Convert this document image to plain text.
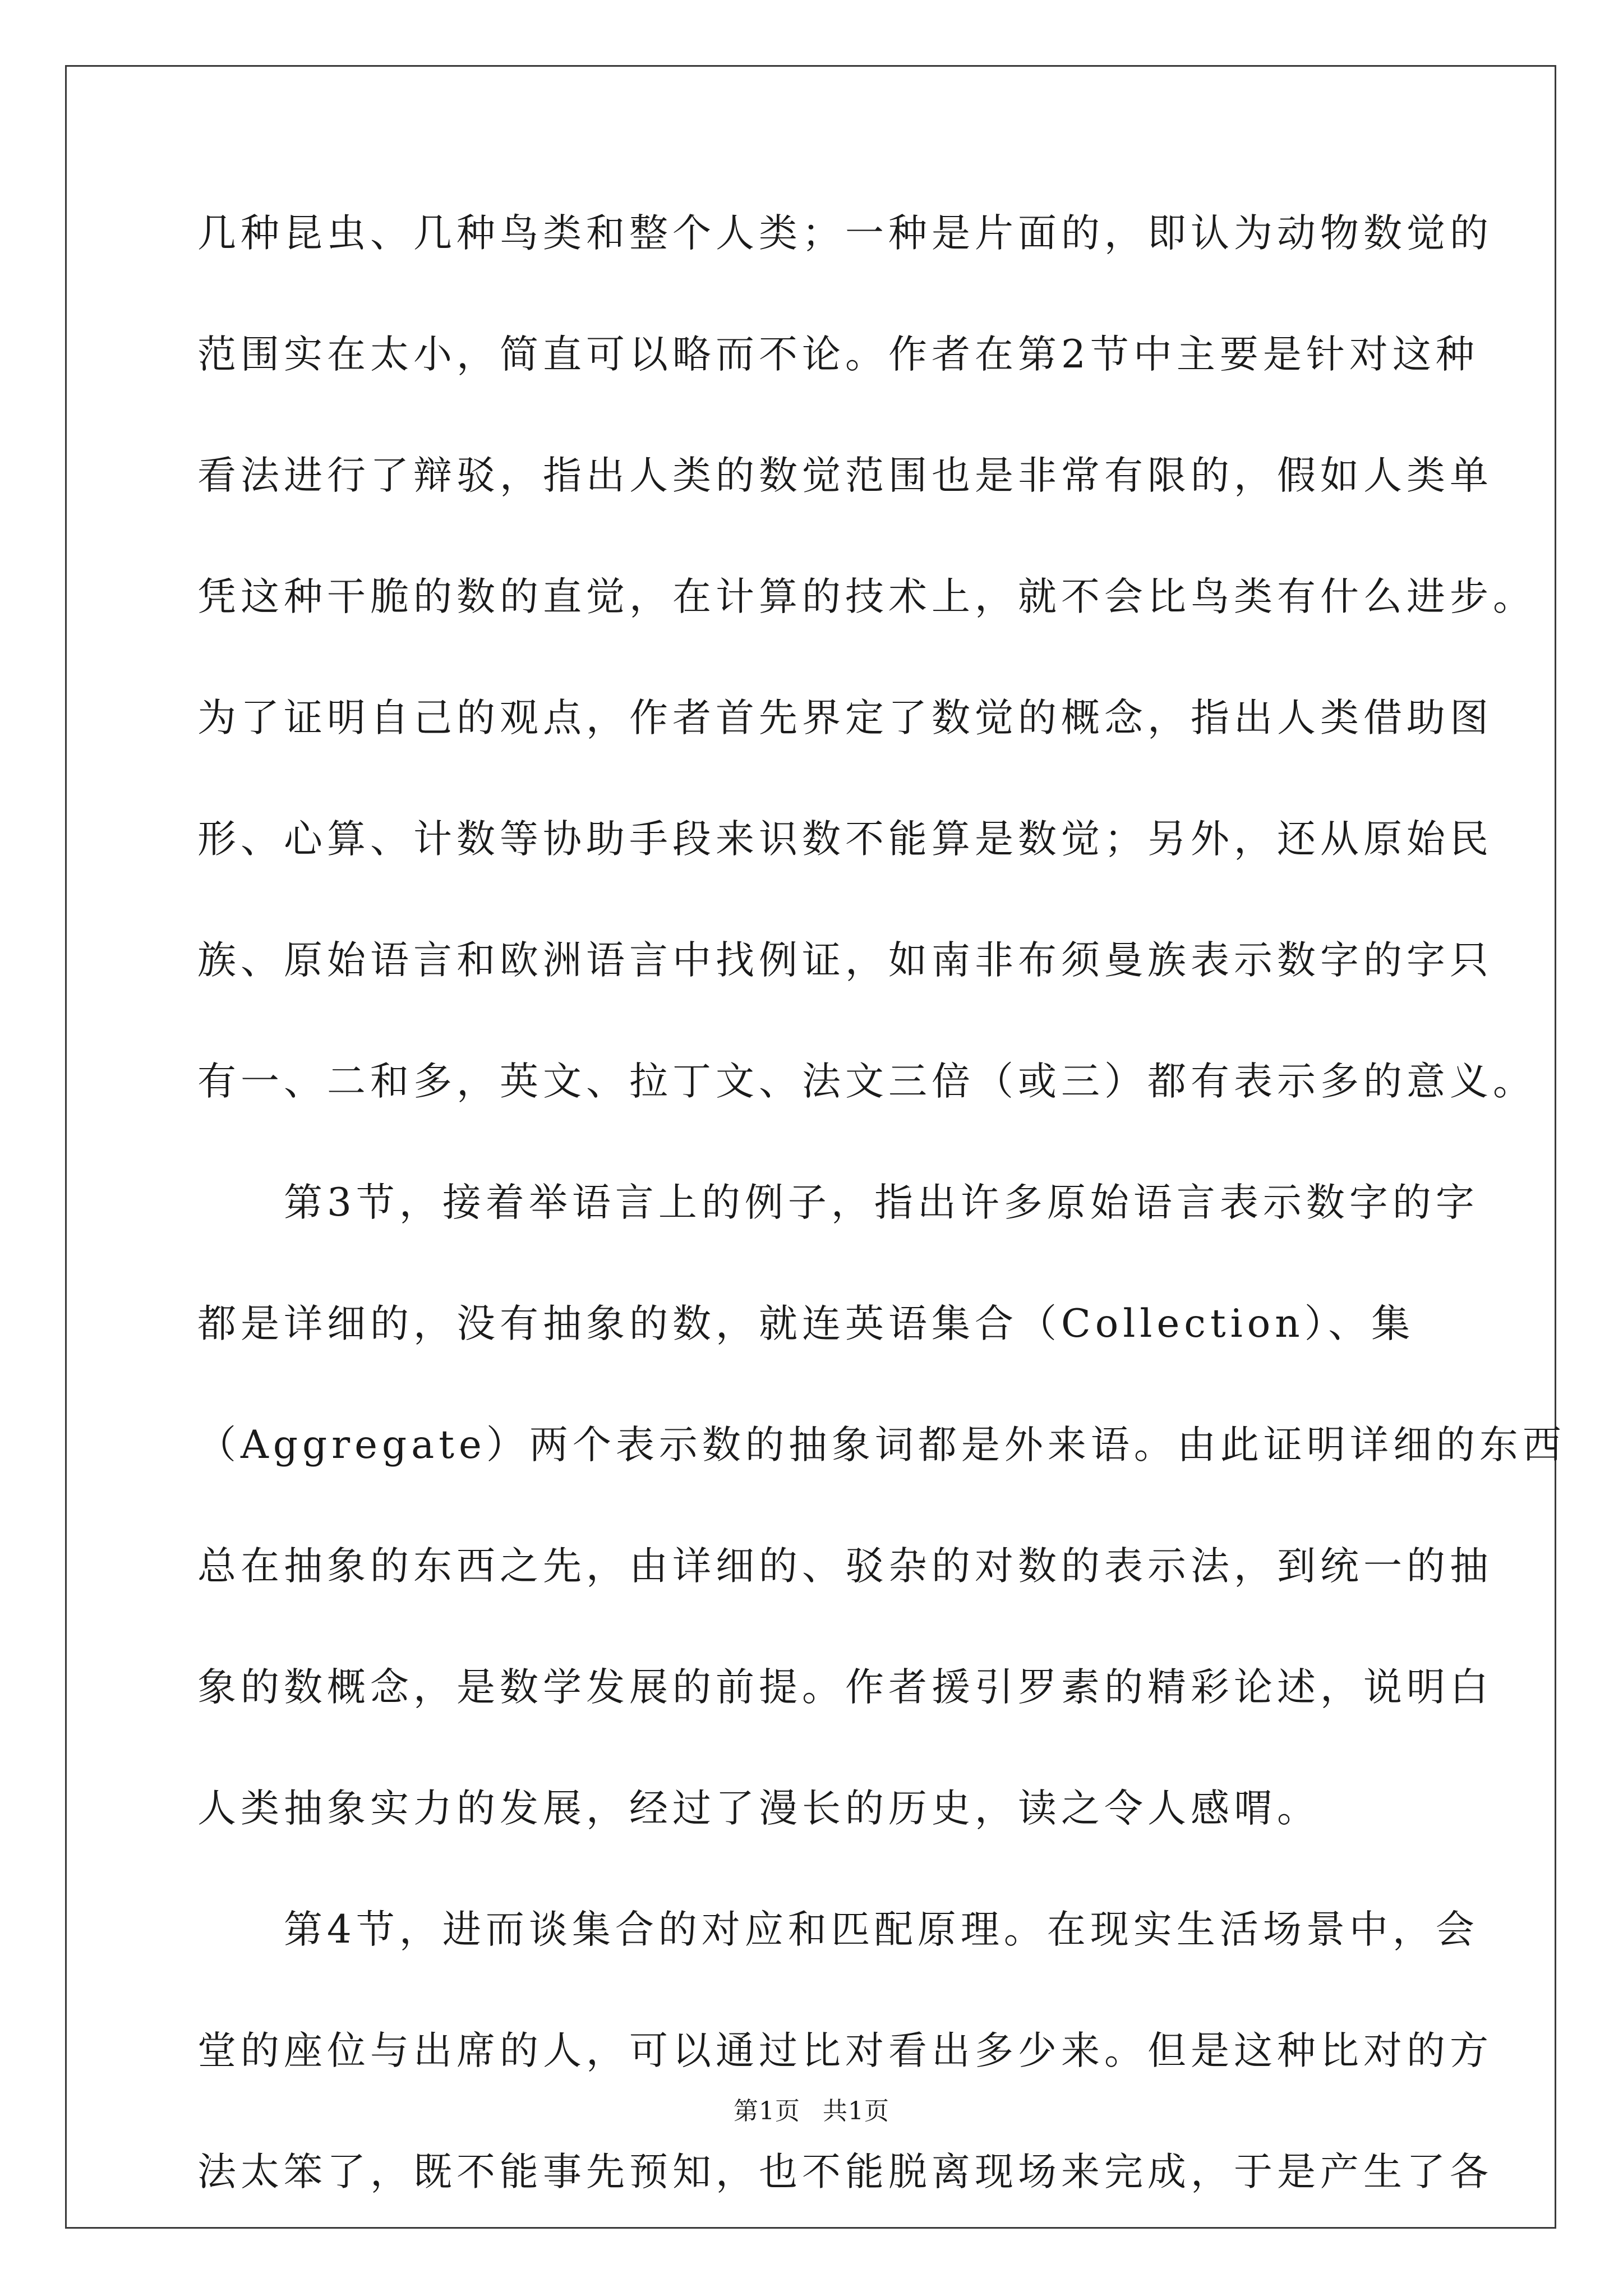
几种昆虫、几种鸟类和整个人类；一种是片面的，即认为动物数觉的
范围实在太小，简直可以略而不论。作者在第2节中主要是针对这种
看法进行了辩驳，指出人类的数觉范围也是非常有限的，假如人类单
凭这种干脆的数的直觉，在计算的技术上，就不会比鸟类有什么进步。
为了证明自己的观点，作者首先界定了数觉的概念，指出人类借助图
形、心算、计数等协助手段来识数不能算是数觉；另外，还从原始民
族、原始语言和欧洲语言中找例证，如南非布须曼族表示数字的字只
有一、二和多，英文、拉丁文、法文三倍（或三）都有表示多的意义。
　　第3节，接着举语言上的例子，指出许多原始语言表示数字的字
都是详细的，没有抽象的数，就连英语集合（Collection）、集
（Aggregate）两个表示数的抽象词都是外来语。由此证明详细的东西
总在抽象的东西之先，由详细的、驳杂的对数的表示法，到统一的抽
象的数概念，是数学发展的前提。作者援引罗素的精彩论述，说明白
人类抽象实力的发展，经过了漫长的历史，读之令人感喟。
　　第4节，进而谈集合的对应和匹配原理。在现实生活场景中，会
堂的座位与出席的人，可以通过比对看出多少来。但是这种比对的方
法太笨了，既不能事先预知，也不能脱离现场来完成，于是产生了各
第1页 共1页
